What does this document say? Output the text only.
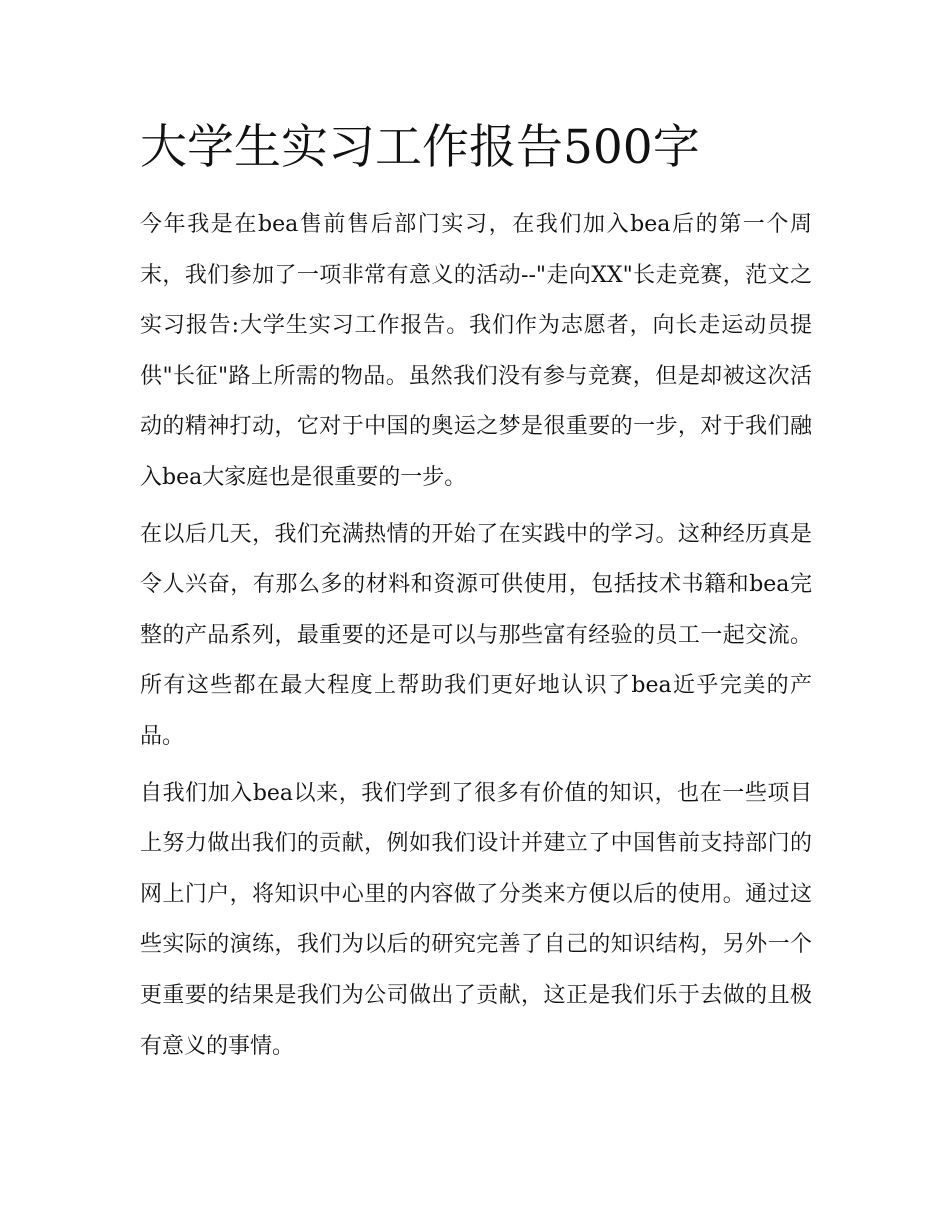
大学生实习工作报告500字

今年我是在bea售前售后部门实习，在我们加入bea后的第一个周末，我们参加了一项非常有意义的活动--"走向XX"长走竞赛，范文之实习报告:大学生实习工作报告。我们作为志愿者，向长走运动员提供"长征"路上所需的物品。虽然我们没有参与竞赛，但是却被这次活动的精神打动，它对于中国的奥运之梦是很重要的一步，对于我们融入bea大家庭也是很重要的一步。

在以后几天，我们充满热情的开始了在实践中的学习。这种经历真是令人兴奋，有那么多的材料和资源可供使用，包括技术书籍和bea完整的产品系列，最重要的还是可以与那些富有经验的员工一起交流。所有这些都在最大程度上帮助我们更好地认识了bea近乎完美的产品。

自我们加入bea以来，我们学到了很多有价值的知识，也在一些项目上努力做出我们的贡献，例如我们设计并建立了中国售前支持部门的网上门户，将知识中心里的内容做了分类来方便以后的使用。通过这些实际的演练，我们为以后的研究完善了自己的知识结构，另外一个更重要的结果是我们为公司做出了贡献，这正是我们乐于去做的且极有意义的事情。
